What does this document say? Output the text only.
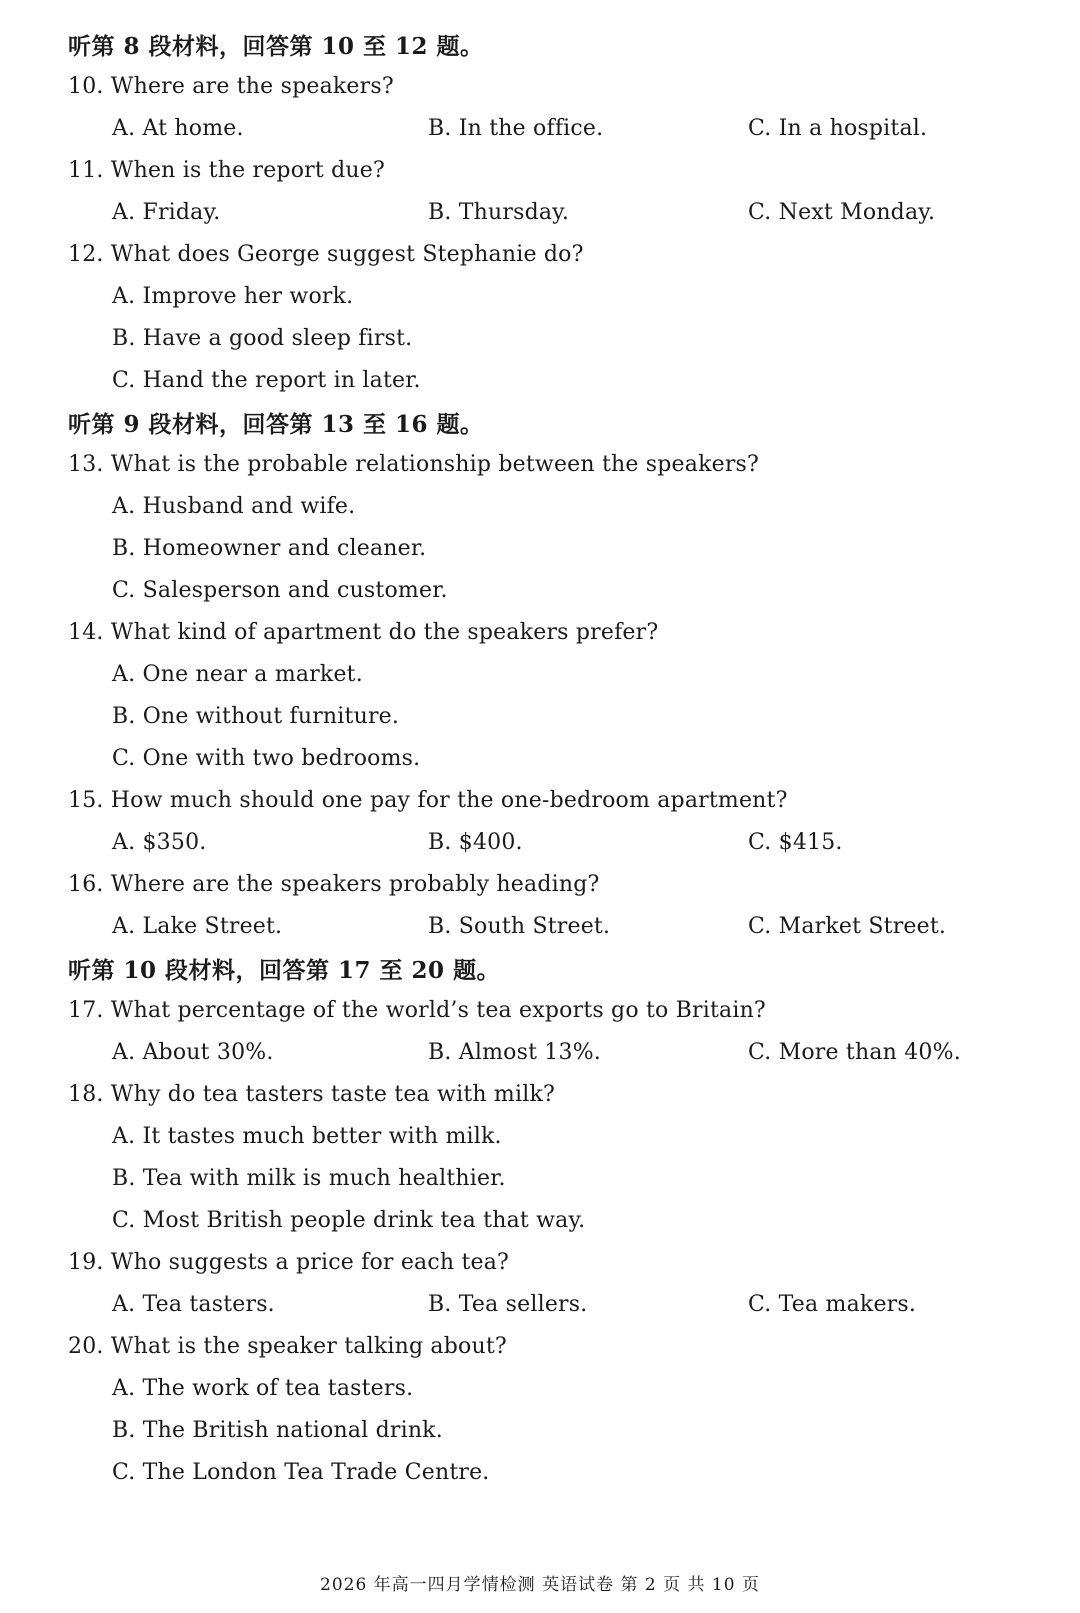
听第 8 段材料，回答第 10 至 12 题。
10. Where are the speakers?
A. At home.	B. In the office.	C. In a hospital.
11. When is the report due?
A. Friday.	B. Thursday.	C. Next Monday.
12. What does George suggest Stephanie do?
A. Improve her work.
B. Have a good sleep first.
C. Hand the report in later.
听第 9 段材料，回答第 13 至 16 题。
13. What is the probable relationship between the speakers?
A. Husband and wife.
B. Homeowner and cleaner.
C. Salesperson and customer.
14. What kind of apartment do the speakers prefer?
A. One near a market.
B. One without furniture.
C. One with two bedrooms.
15. How much should one pay for the one-bedroom apartment?
A. $350.	B. $400.	C. $415.
16. Where are the speakers probably heading?
A. Lake Street.	B. South Street.	C. Market Street.
听第 10 段材料，回答第 17 至 20 题。
17. What percentage of the world’s tea exports go to Britain?
A. About 30%.	B. Almost 13%.	C. More than 40%.
18. Why do tea tasters taste tea with milk?
A. It tastes much better with milk.
B. Tea with milk is much healthier.
C. Most British people drink tea that way.
19. Who suggests a price for each tea?
A. Tea tasters.	B. Tea sellers.	C. Tea makers.
20. What is the speaker talking about?
A. The work of tea tasters.
B. The British national drink.
C. The London Tea Trade Centre.
2026 年高一四月学情检测 英语试卷 第 2 页 共 10 页
